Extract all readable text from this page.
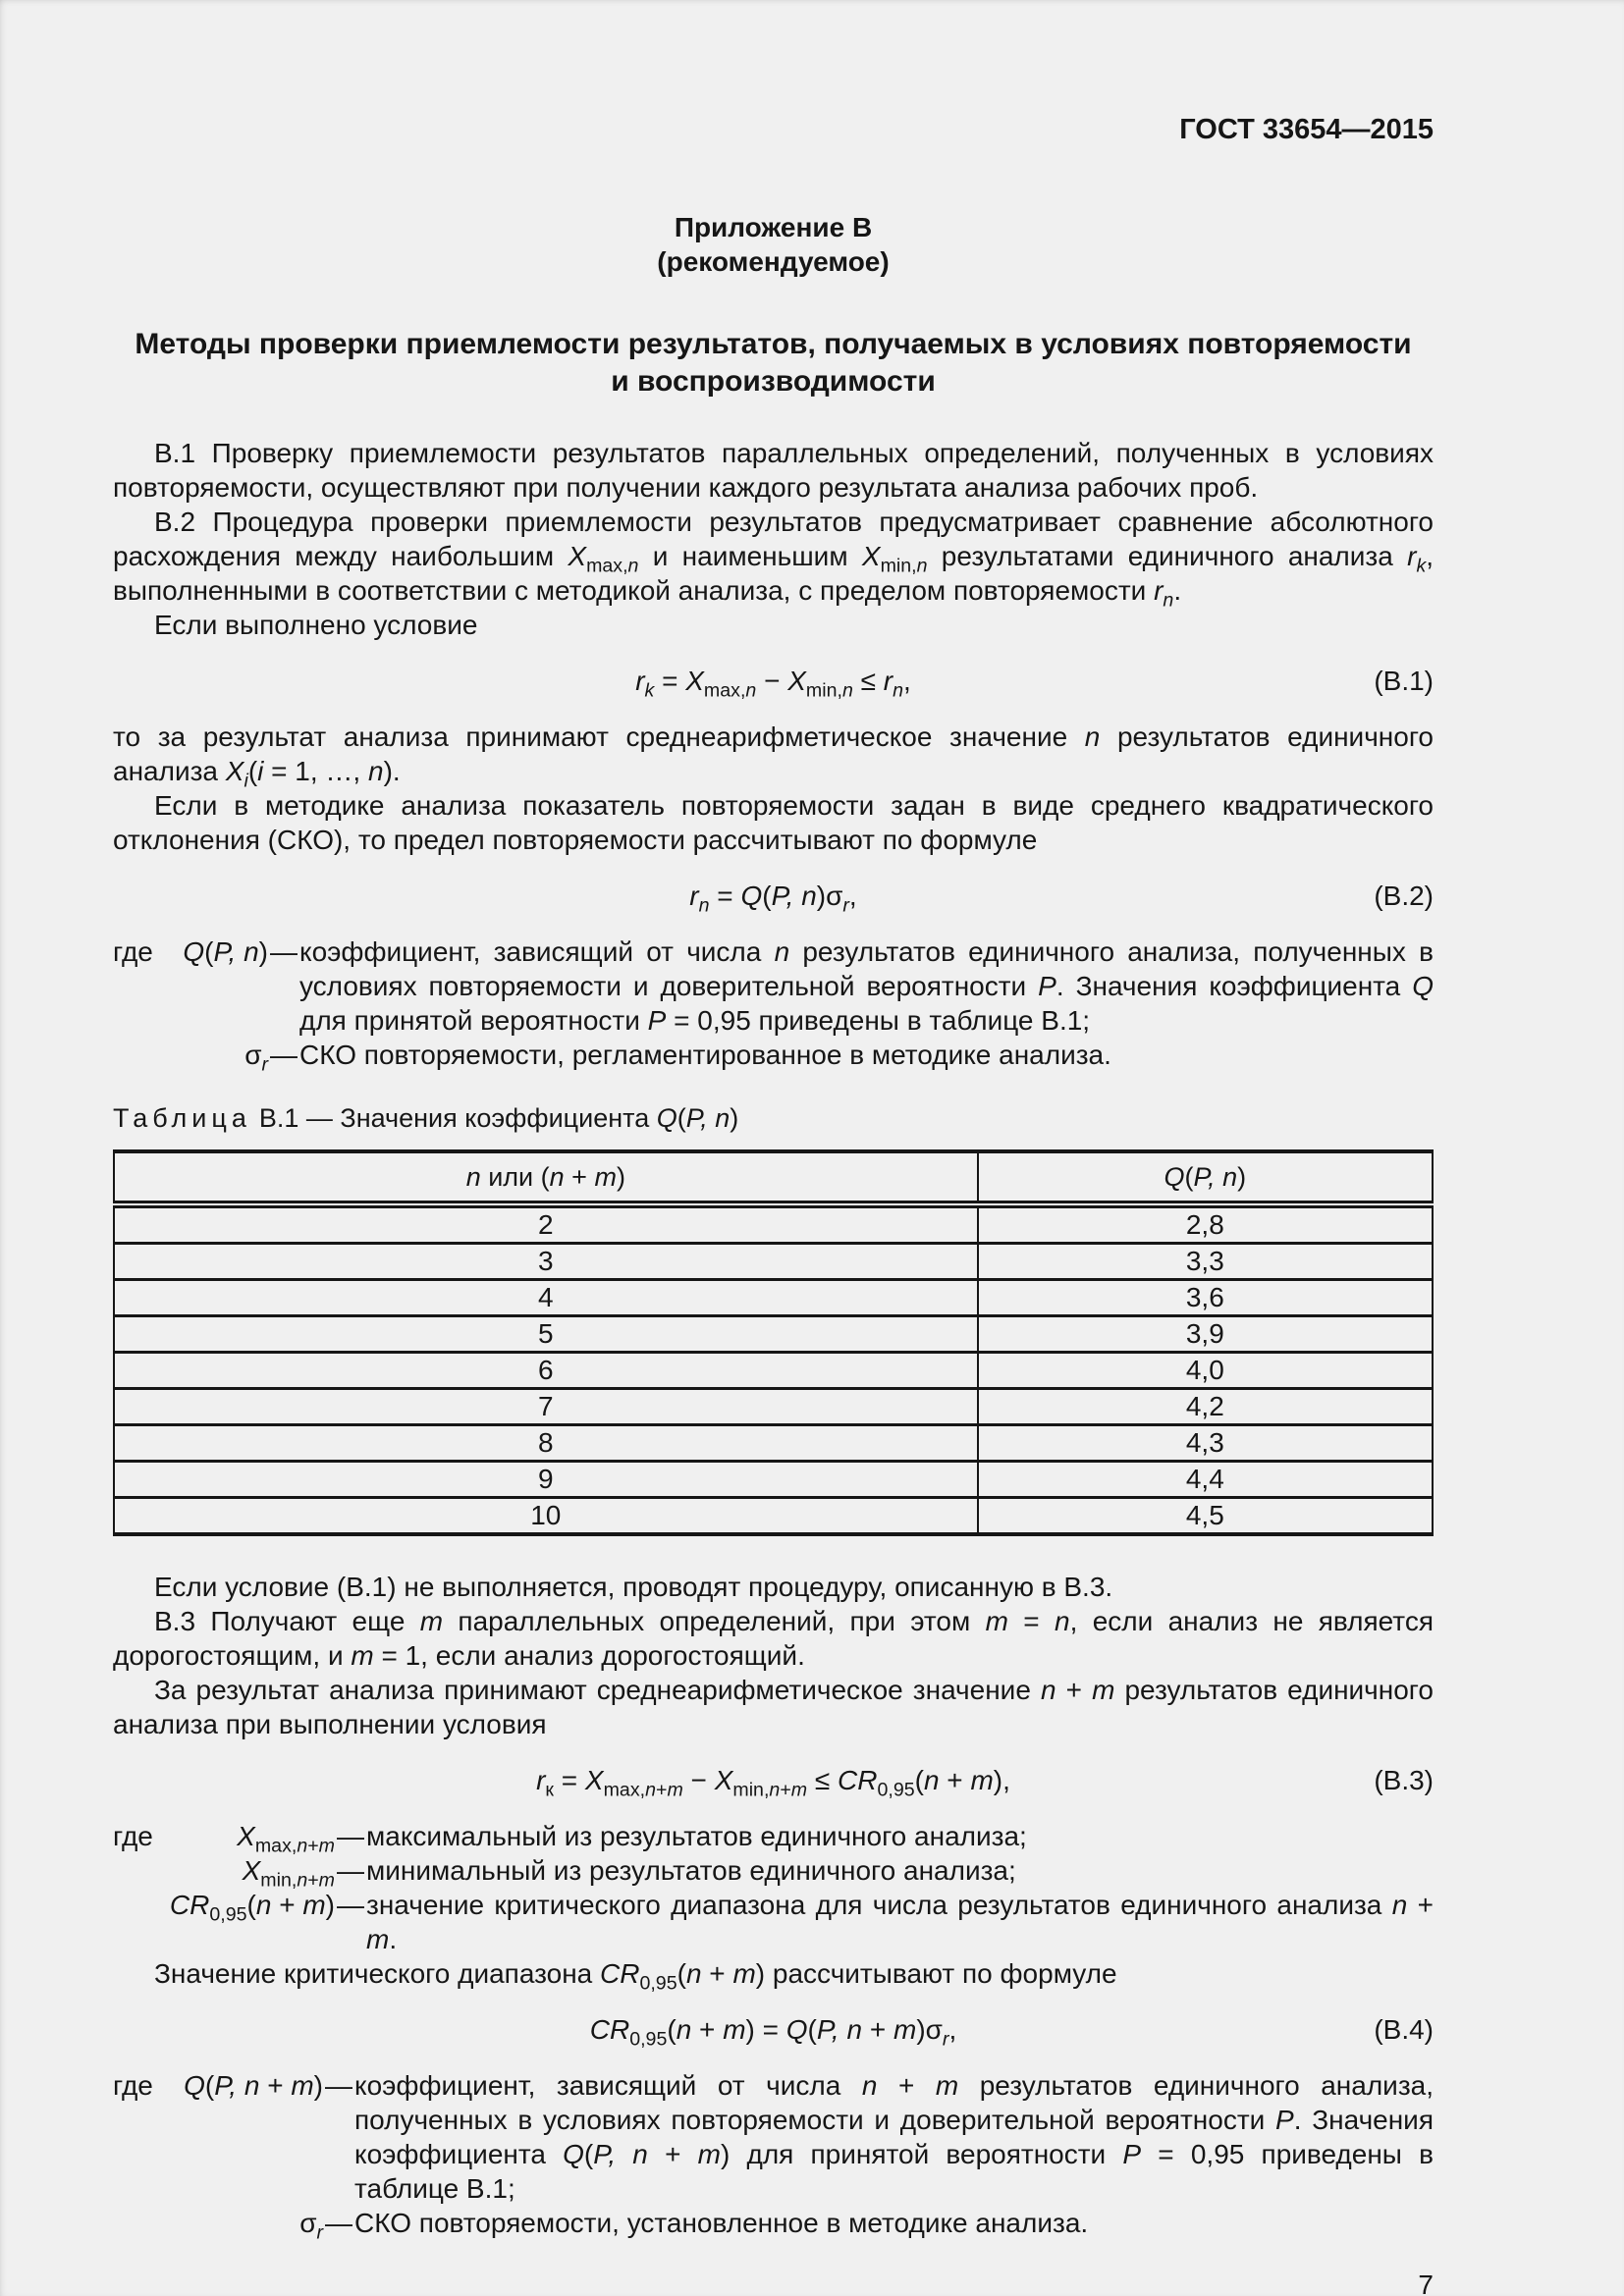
ГОСТ 33654—2015
Приложение В
(рекомендуемое)
Методы проверки приемлемости результатов, получаемых в условиях повторяемости
и воспроизводимости

В.1 Проверку приемлемости результатов параллельных определений, полученных в условиях повторяемости, осуществляют при получении каждого результата анализа рабочих проб.

В.2 Процедура проверки приемлемости результатов предусматривает сравнение абсолютного расхождения между наибольшим $X_{max,n}$ и наименьшим $X_{min,n}$ результатами единичного анализа $r_k$, выполненными в соответствии с методикой анализа, с пределом повторяемости $r_n$.

Если выполнено условие

$r_k = X_{max,n} - X_{min,n} \le r_n$,	(В.1)

то за результат анализа принимают среднеарифметическое значение n результатов единичного анализа $X_i(i = 1$, …, n).

Если в методике анализа показатель повторяемости задан в виде среднего квадратического отклонения (СКО), то предел повторяемости рассчитывают по формуле

$r_n = Q(P$, $n)\sigma_r$,	(В.2)
где	Q(P, n) — коэффициент, зависящий от числа n результатов единичного анализа, полученных в условиях повторяемости и доверительной вероятности P. Значения коэффициента Q для принятой вероятности P = 0,95 приведены в таблице В.1;
$\sigma_r$ — СКО повторяемости, регламентированное в методике анализа.

Таблица В.1 — Значения коэффициента Q(P, n)

n или (n + m)	Q(P, n)
2	2,8
3	3,3
4	3,6
5	3,9
6	4,0
7	4,2
8	4,3
9	4,4
10	4,5

Если условие (В.1) не выполняется, проводят процедуру, описанную в В.3.

В.3 Получают еще m параллельных определений, при этом m = n, если анализ не является дорогостоящим, и m = 1, если анализ дорогостоящий.

За результат анализа принимают среднеарифметическое значение n + m результатов единичного анализа при выполнении условия

$r_к = X_{max,n+m} - X_{min,n+m} \le CR_{0,95}(n + m)$,	(В.3)
где	$X_{max,n+m}$ — максимальный из результатов единичного анализа;
$X_{min,n+m}$ — минимальный из результатов единичного анализа;
$CR_{0,95}(n + m)$ — значение критического диапазона для числа результатов единичного анализа n + m.

Значение критического диапазона $CR_{0,95}(n + m)$ рассчитывают по формуле

$CR_{0,95}(n + m) = Q(P$, $n + m)\sigma_r$,	(В.4)
где	Q(P, n + m) — коэффициент, зависящий от числа n + m результатов единичного анализа, полученных в условиях повторяемости и доверительной вероятности P. Значения коэффициента Q(P, n + m) для принятой вероятности P = 0,95 приведены в таблице В.1;
$\sigma_r$ — СКО повторяемости, установленное в методике анализа.
7
